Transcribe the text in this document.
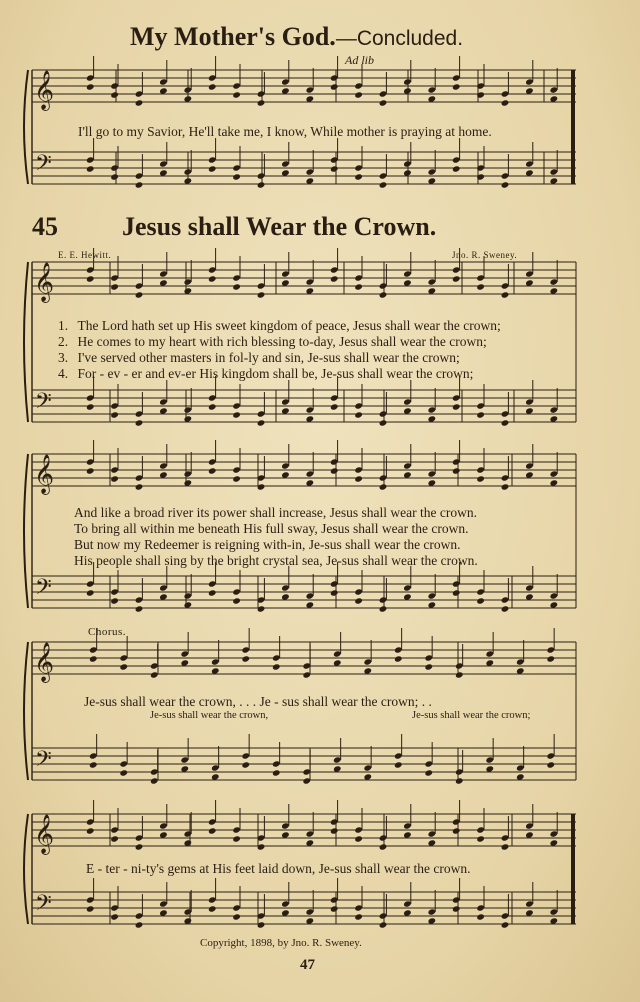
My Mother's God.—Concluded.
Ad lib
𝄞
𝄢
𝄞
𝄢
𝄞
𝄢
𝄞
𝄢
𝄞
𝄢
I'll go to my Savior, He'll take me, I know, While mother is praying at home.
45 Jesus shall Wear the Crown.
E. E. Hewitt.	Jno. R. Sweney.
1. The Lord hath set up His sweet kingdom of peace, Jesus shall wear the crown;
2. He comes to my heart with rich blessing to-day, Jesus shall wear the crown;
3. I've served other masters in fol-ly and sin, Je-sus shall wear the crown;
4. For - ev - er and ev-er His kingdom shall be, Je-sus shall wear the crown;
And like a broad river its power shall increase, Jesus shall wear the crown.
To bring all within me beneath His full sway, Jesus shall wear the crown.
But now my Redeemer is reigning with-in, Je-sus shall wear the crown.
His people shall sing by the bright crystal sea, Je-sus shall wear the crown.
Chorus.
Je-sus shall wear the crown, . . . Je - sus shall wear the crown; . .
Je-sus shall wear the crown,	Je-sus shall wear the crown;
E - ter - ni-ty's gems at His feet laid down, Je-sus shall wear the crown.
Copyright, 1898, by Jno. R. Sweney.
47
